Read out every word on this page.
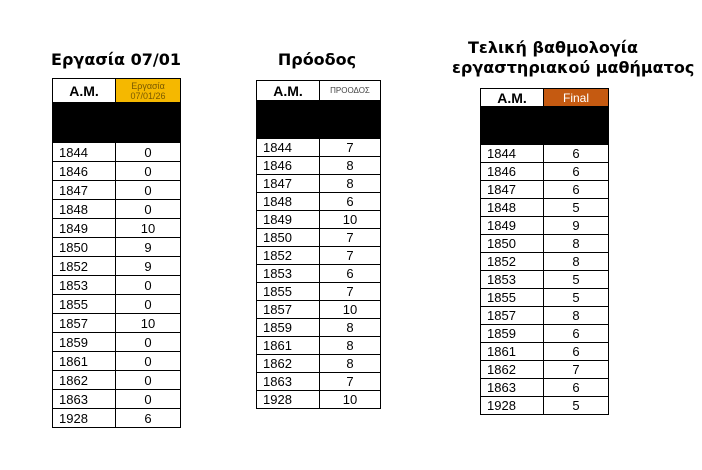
Εργασία 07/01
Α.Μ.	Εργασία
07/01/26

1844	0
1846	0
1847	0
1848	0
1849	10
1850	9
1852	9
1853	0
1855	0
1857	10
1859	0
1861	0
1862	0
1863	0
1928	6
Πρόοδος
Α.Μ.	ΠΡΟΟΔΟΣ

1844	7
1846	8
1847	8
1848	6
1849	10
1850	7
1852	7
1853	6
1855	7
1857	10
1859	8
1861	8
1862	8
1863	7
1928	10
Τελική βαθμολογία
εργαστηριακού μαθήματος
Α.Μ.	Final

1844	6
1846	6
1847	6
1848	5
1849	9
1850	8
1852	8
1853	5
1855	5
1857	8
1859	6
1861	6
1862	7
1863	6
1928	5
